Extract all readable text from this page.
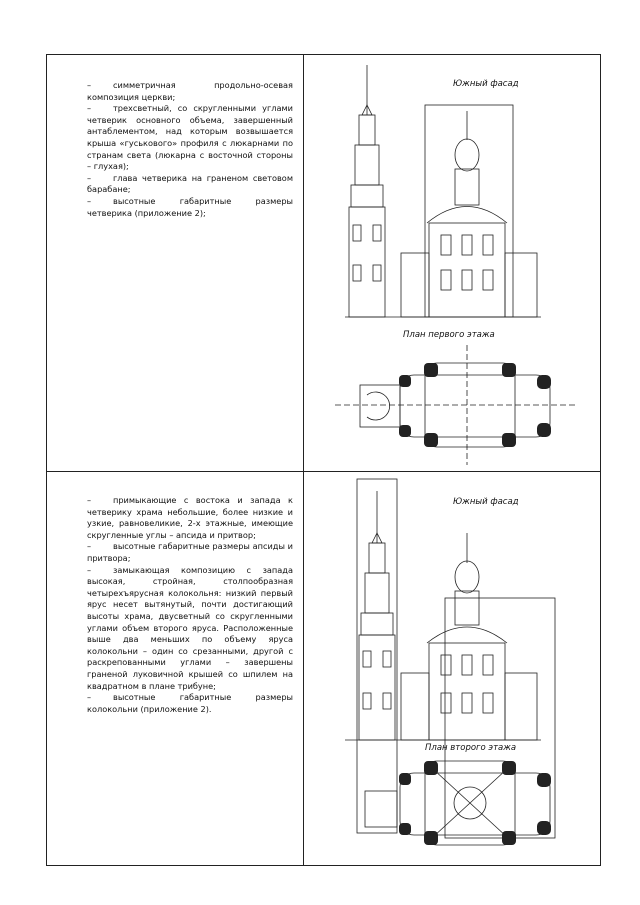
–	симметричная продольно-осевая композиция церкви;

–	трехсветный, со скругленными углами четверик основного объема, завершенный антаблементом, над которым возвышается крыша «гуськового» профиля с люкарнами по странам света (люкарна с восточной стороны – глухая);

–	глава четверика на граненом световом барабане;

–	высотные габаритные размеры четверика (приложение 2);

Южный фасад
План первого этажа

–	примыкающие с востока и запада к четверику храма небольшие, более низкие и узкие, равновеликие, 2-х этажные, имеющие скругленные углы – апсида и притвор;

–	высотные габаритные размеры апсиды и притвора;

–	замыкающая композицию с запада высокая, стройная, столпообразная четырехъярусная колокольня: низкий первый ярус несет вытянутый, почти достигающий высоты храма, двусветный со скругленными углами объем второго яруса. Расположенные выше два меньших по объему яруса колокольни – один со срезанными, другой с раскрепованными углами – завершены граненой луковичной крышей со шпилем на квадратном в плане трибуне;

–	высотные габаритные размеры колокольни (приложение 2).

Южный фасад
План второго этажа
